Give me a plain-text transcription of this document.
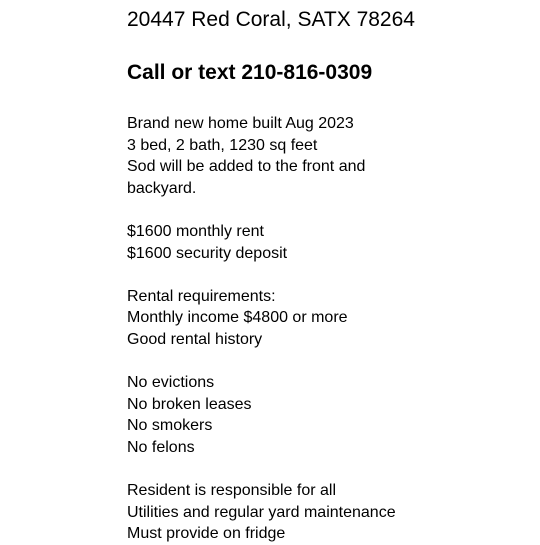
20447 Red Coral, SATX 78264
Call or text 210-816-0309
Brand new home built Aug 2023
3 bed, 2 bath, 1230 sq feet
Sod will be added to the front and
backyard.
$1600 monthly rent
$1600 security deposit
Rental requirements:
Monthly income $4800 or more
Good rental history
No evictions
No broken leases
No smokers
No felons
Resident is responsible for all
Utilities and regular yard maintenance
Must provide on fridge
